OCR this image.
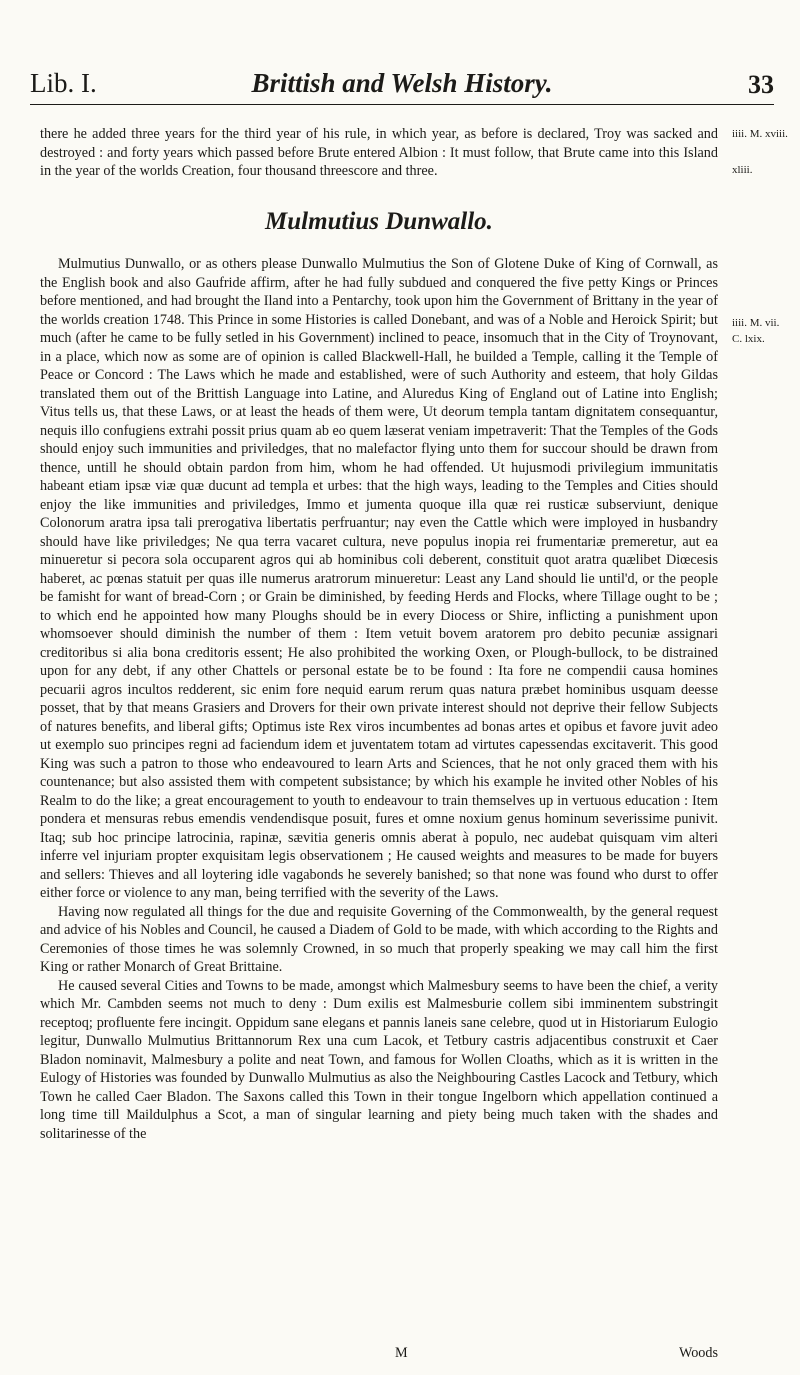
Lib. I.	Brittish and Welsh History.	33
iiii. M. xviii.
xliii.
iiii. M. vii.
C. lxix.

there he added three years for the third year of his rule, in which year, as before is declared, Troy was sacked and destroyed : and forty years which passed before Brute entered Albion : It must follow, that Brute came into this Island in the year of the worlds Creation, four thousand threescore and three.

Mulmutius Dunwallo.

Mulmutius Dunwallo, or as others please Dunwallo Mulmutius the Son of Glotene Duke of King of Cornwall, as the English book and also Gaufride affirm, after he had fully subdued and conquered the five petty Kings or Princes before mentioned, and had brought the Iland into a Pentarchy, took upon him the Government of Brittany in the year of the worlds creation 1748. This Prince in some Histories is called Donebant, and was of a Noble and Heroick Spirit; but much (after he came to be fully setled in his Government) inclined to peace, insomuch that in the City of Troynovant, in a place, which now as some are of opinion is called Blackwell-Hall, he builded a Temple, calling it the Temple of Peace or Concord : The Laws which he made and established, were of such Authority and esteem, that holy Gildas translated them out of the Brittish Language into Latine, and Aluredus King of England out of Latine into English; Vitus tells us, that these Laws, or at least the heads of them were, Ut deorum templa tantam dignitatem consequantur, nequis illo confugiens extrahi possit prius quam ab eo quem læserat veniam impetraverit: That the Temples of the Gods should enjoy such immunities and priviledges, that no malefactor flying unto them for succour should be drawn from thence, untill he should obtain pardon from him, whom he had offended. Ut hujusmodi privilegium immunitatis habeant etiam ipsæ viæ quæ ducunt ad templa et urbes: that the high ways, leading to the Temples and Cities should enjoy the like immunities and priviledges, Immo et jumenta quoque illa quæ rei rusticæ subserviunt, denique Colonorum aratra ipsa tali prerogativa libertatis perfruantur; nay even the Cattle which were imployed in husbandry should have like priviledges; Ne qua terra vacaret cultura, neve populus inopia rei frumentariæ premeretur, aut ea minueretur si pecora sola occuparent agros qui ab hominibus coli deberent, constituit quot aratra quælibet Diœcesis haberet, ac pœnas statuit per quas ille numerus aratrorum minueretur: Least any Land should lie until'd, or the people be famisht for want of bread-Corn ; or Grain be diminished, by feeding Herds and Flocks, where Tillage ought to be ; to which end he appointed how many Ploughs should be in every Diocess or Shire, inflicting a punishment upon whomsoever should diminish the number of them : Item vetuit bovem aratorem pro debito pecuniæ assignari creditoribus si alia bona creditoris essent; He also prohibited the working Oxen, or Plough-bullock, to be distrained upon for any debt, if any other Chattels or personal estate be to be found : Ita fore ne compendii causa homines pecuarii agros incultos redderent, sic enim fore nequid earum rerum quas natura præbet hominibus usquam deesse posset, that by that means Grasiers and Drovers for their own private interest should not deprive their fellow Subjects of natures benefits, and liberal gifts; Optimus iste Rex viros incumbentes ad bonas artes et opibus et favore juvit adeo ut exemplo suo principes regni ad faciendum idem et juventatem totam ad virtutes capessendas excitaverit. This good King was such a patron to those who endeavoured to learn Arts and Sciences, that he not only graced them with his countenance; but also assisted them with competent subsistance; by which his example he invited other Nobles of his Realm to do the like; a great encouragement to youth to endeavour to train themselves up in vertuous education : Item pondera et mensuras rebus emendis vendendisque posuit, fures et omne noxium genus hominum severissime punivit. Itaq; sub hoc principe latrocinia, rapinæ, sævitia generis omnis aberat à populo, nec audebat quisquam vim alteri inferre vel injuriam propter exquisitam legis observationem ; He caused weights and measures to be made for buyers and sellers: Thieves and all loytering idle vagabonds he severely banished; so that none was found who durst to offer either force or violence to any man, being terrified with the severity of the Laws.

Having now regulated all things for the due and requisite Governing of the Commonwealth, by the general request and advice of his Nobles and Council, he caused a Diadem of Gold to be made, with which according to the Rights and Ceremonies of those times he was solemnly Crowned, in so much that properly speaking we may call him the first King or rather Monarch of Great Brittaine.

He caused several Cities and Towns to be made, amongst which Malmesbury seems to have been the chief, a verity which Mr. Cambden seems not much to deny : Dum exilis est Malmesburie collem sibi imminentem substringit receptoq; profluente fere incingit. Oppidum sane elegans et pannis laneis sane celebre, quod ut in Historiarum Eulogio legitur, Dunwallo Mulmutius Brittannorum Rex una cum Lacok, et Tetbury castris adjacentibus construxit et Caer Bladon nominavit, Malmesbury a polite and neat Town, and famous for Wollen Cloaths, which as it is written in the Eulogy of Histories was founded by Dunwallo Mulmutius as also the Neighbouring Castles Lacock and Tetbury, which Town he called Caer Bladon. The Saxons called this Town in their tongue Ingelborn which appellation continued a long time till Maildulphus a Scot, a man of singular learning and piety being much taken with the shades and solitarinesse of the

M	Woods
